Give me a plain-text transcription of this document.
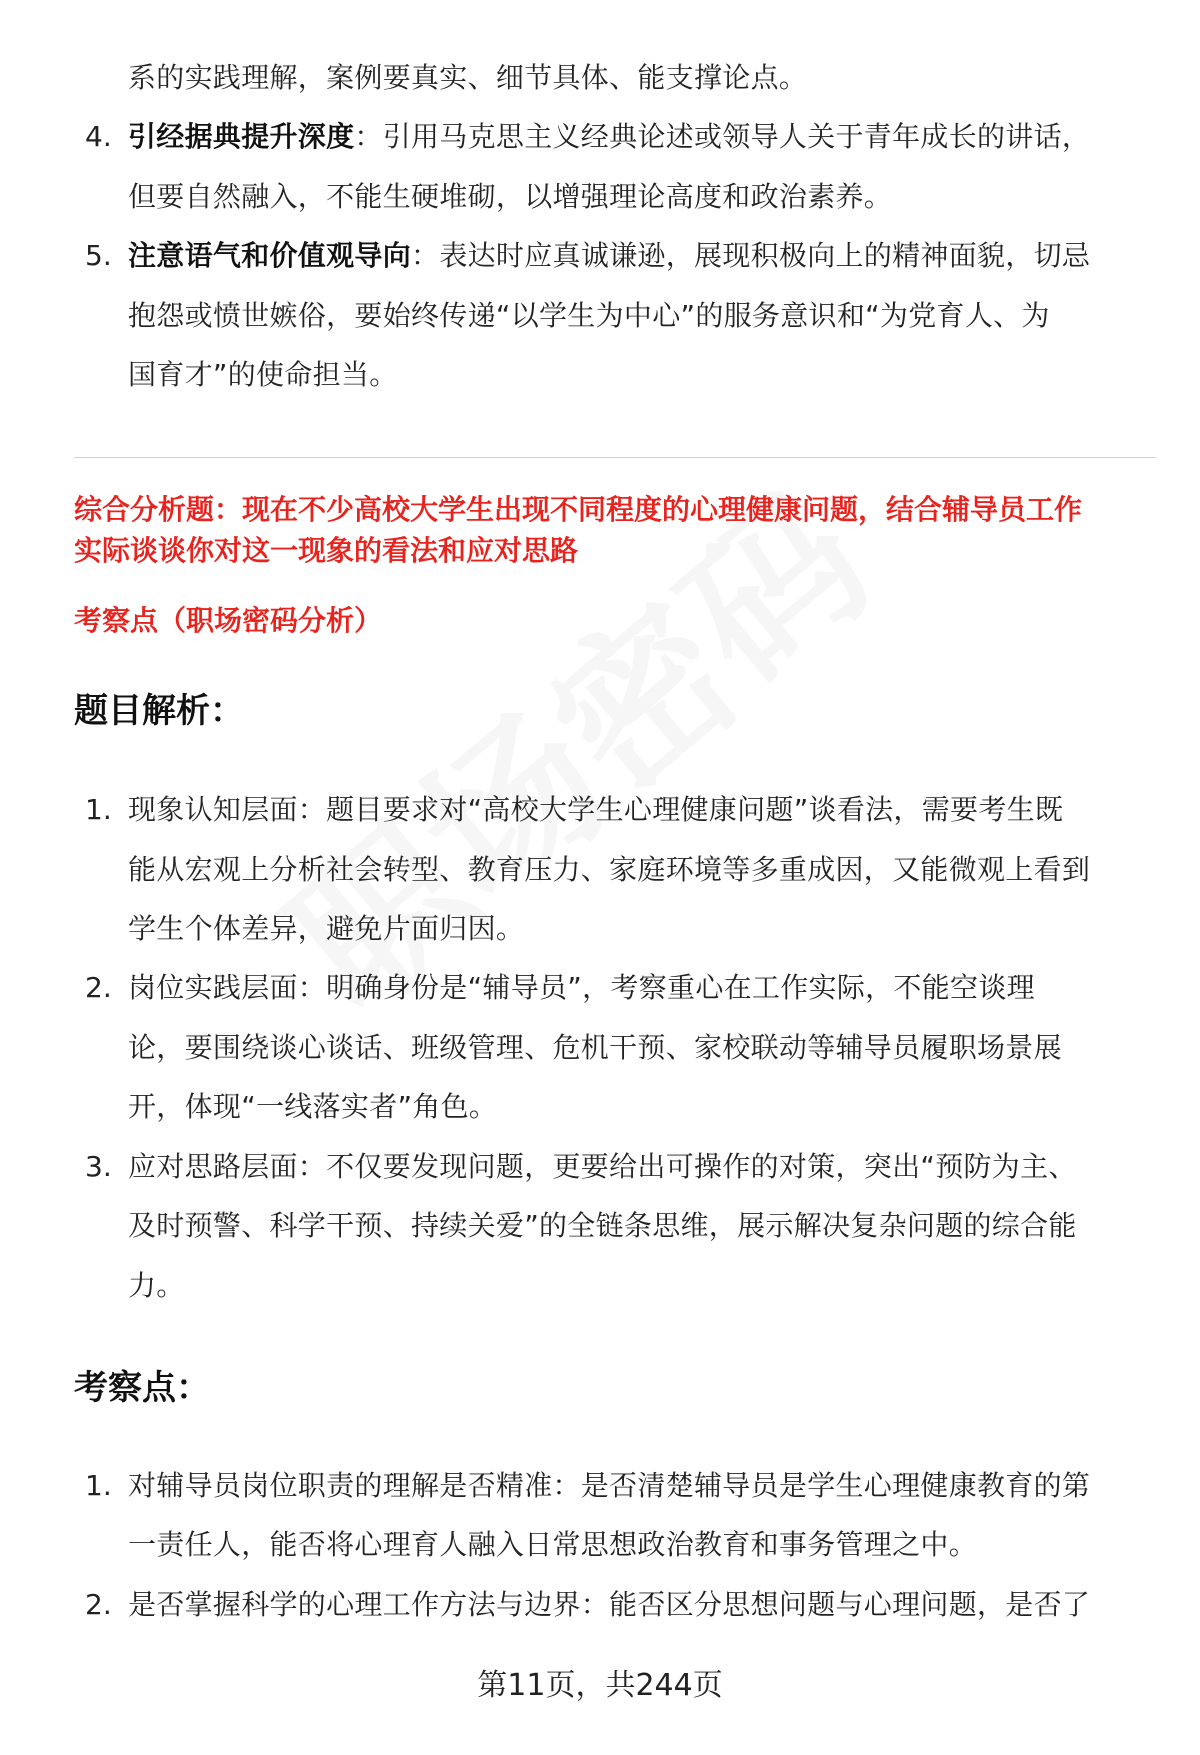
系的实践理解，案例要真实、细节具体、能支撑论点。
4. 引经据典提升深度：引用马克思主义经典论述或领导人关于青年成长的讲话，
但要自然融入，不能生硬堆砌，以增强理论高度和政治素养。
5. 注意语气和价值观导向：表达时应真诚谦逊，展现积极向上的精神面貌，切忌
抱怨或愤世嫉俗，要始终传递“以学生为中心”的服务意识和“为党育人、为
国育才”的使命担当。
综合分析题：现在不少高校大学生出现不同程度的心理健康问题，结合辅导员工作
实际谈谈你对这一现象的看法和应对思路
考察点（职场密码分析）
题目解析：
1. 现象认知层面：题目要求对“高校大学生心理健康问题”谈看法，需要考生既
能从宏观上分析社会转型、教育压力、家庭环境等多重成因，又能微观上看到
学生个体差异，避免片面归因。
2. 岗位实践层面：明确身份是“辅导员”，考察重心在工作实际，不能空谈理
论，要围绕谈心谈话、班级管理、危机干预、家校联动等辅导员履职场景展
开，体现“一线落实者”角色。
3. 应对思路层面：不仅要发现问题，更要给出可操作的对策，突出“预防为主、
及时预警、科学干预、持续关爱”的全链条思维，展示解决复杂问题的综合能
力。
考察点：
1. 对辅导员岗位职责的理解是否精准：是否清楚辅导员是学生心理健康教育的第
一责任人，能否将心理育人融入日常思想政治教育和事务管理之中。
2. 是否掌握科学的心理工作方法与边界：能否区分思想问题与心理问题，是否了
第11页，共244页
